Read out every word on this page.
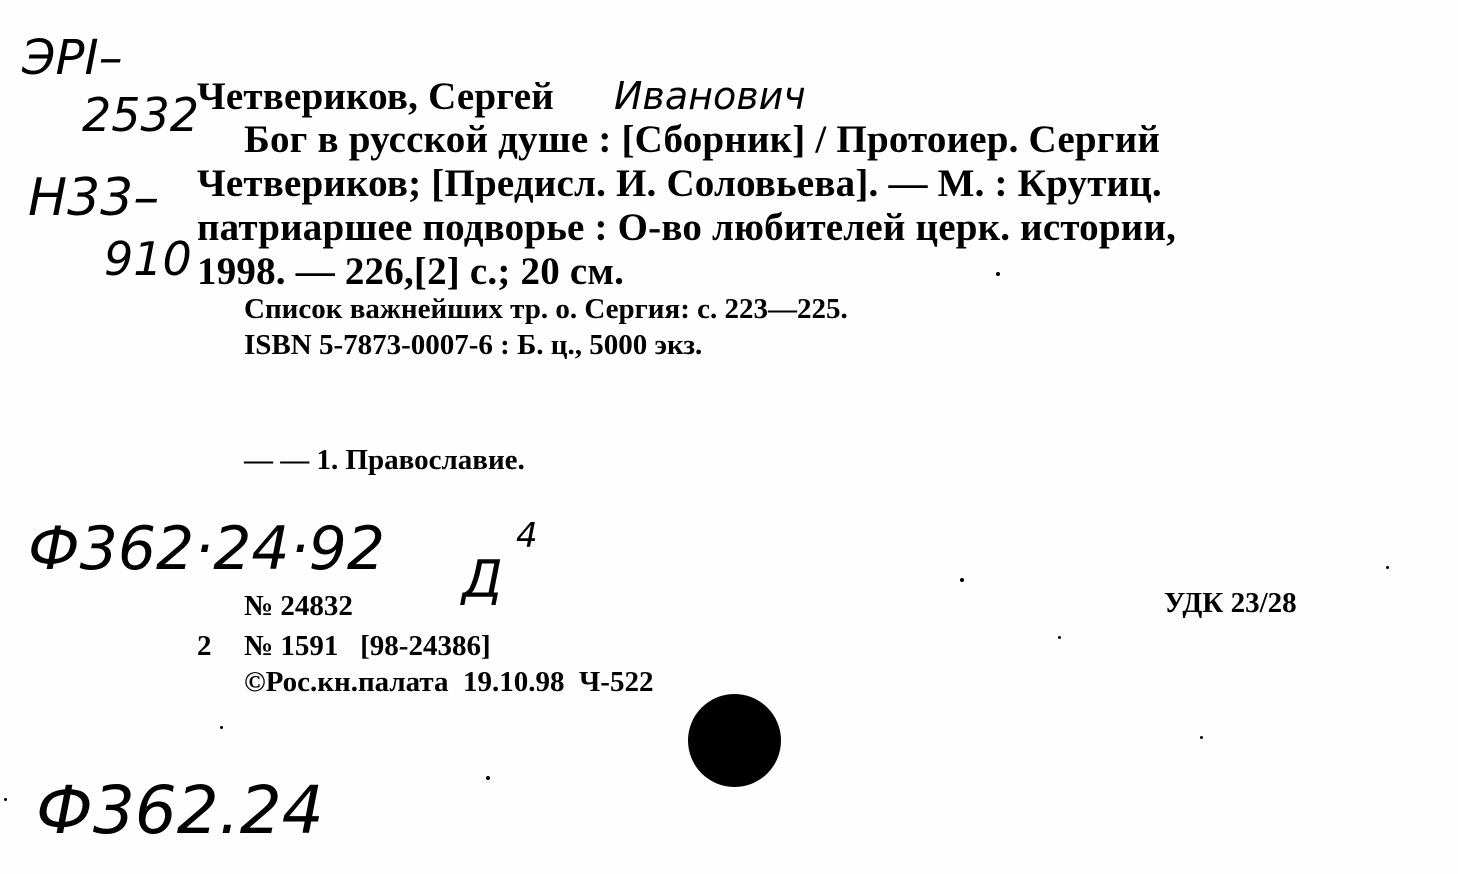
ЭРI–
2532
Н33–
910
Четвериков, Сергей Ивaнoвич
Бог в русской душе : [Сборник] / Протоиер. Сергий
Четвериков; [Предисл. И. Соловьева]. — М. : Крутиц.
патриаршее подворье : О-во любителей церк. истории,
1998. — 226,[2] с.; 20 см.
Список важнейших тр. о. Сергия: с. 223—225.
ISBN 5-7873-0007-6 : Б. ц., 5000 экз.
— — 1. Православие.
Ф362·24·92 Д
4
№ 24832	УДК 23/28
2 № 1591   [98-24386]
©Рос.кн.палата  19.10.98  Ч-522
Ф362.24
